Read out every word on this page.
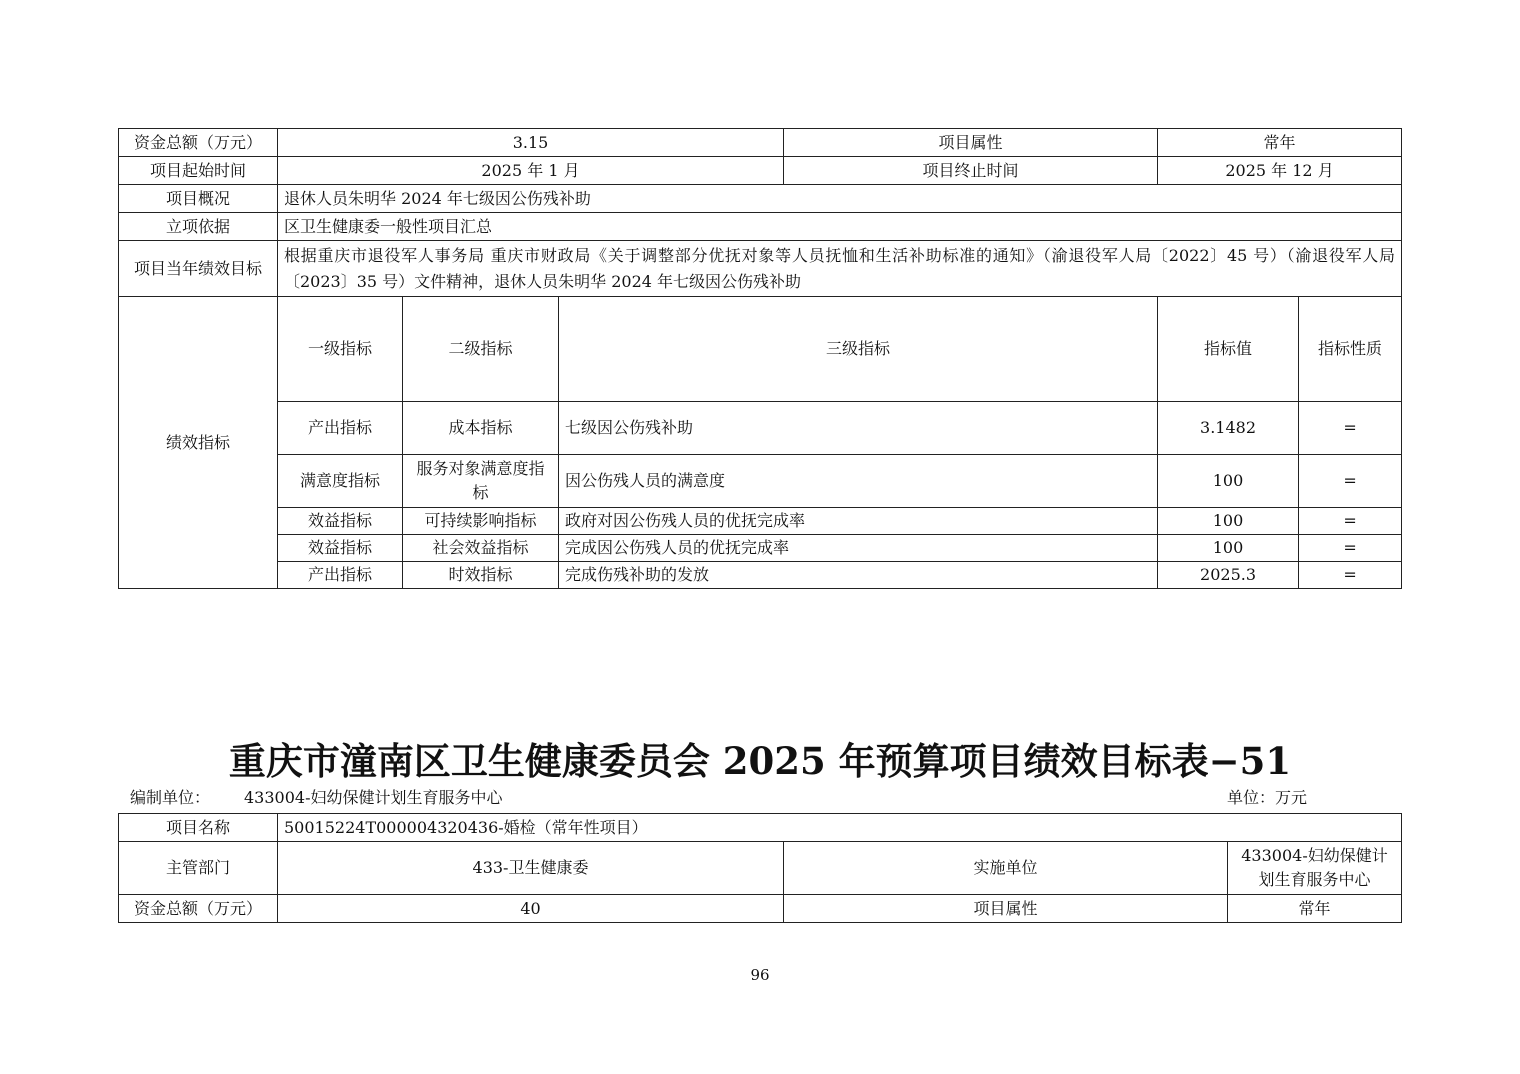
资金总额（万元）	3.15			项目属性	常年		
项目起始时间	2025 年 1 月			项目终止时间	2025 年 12 月		
项目概况	退休人员朱明华 2024 年七级因公伤残补助						
立项依据	区卫生健康委一般性项目汇总						
项目当年绩效目标	根据重庆市退役军人事务局 重庆市财政局《关于调整部分优抚对象等人员抚恤和生活补助标准的通知》（渝退役军人局〔2022〕45 号）（渝退役军人局〔2023〕35 号）文件精神，退休人员朱明华 2024 年七级因公伤残补助						
绩效指标	一级指标	二级指标	三级指标		指标值	指标性质	
	产出指标	成本指标	七级因公伤残补助		3.1482	=	
	满意度指标	服务对象满意度指标	因公伤残人员的满意度		100	=	
	效益指标	可持续影响指标	政府对因公伤残人员的优抚完成率		100	=	
	效益指标	社会效益指标	完成因公伤残人员的优抚完成率		100	=	
	产出指标	时效指标	完成伤残补助的发放		2025.3	=	
重庆市潼南区卫生健康委员会 2025 年预算项目绩效目标表−51
编制单位： 433004-妇幼保健计划生育服务中心	单位：万元
项目名称	50015224T000004320436-婚检（常年性项目）		
主管部门	433-卫生健康委	实施单位	433004-妇幼保健计划生育服务中心
资金总额（万元）	40	项目属性	常年
96
